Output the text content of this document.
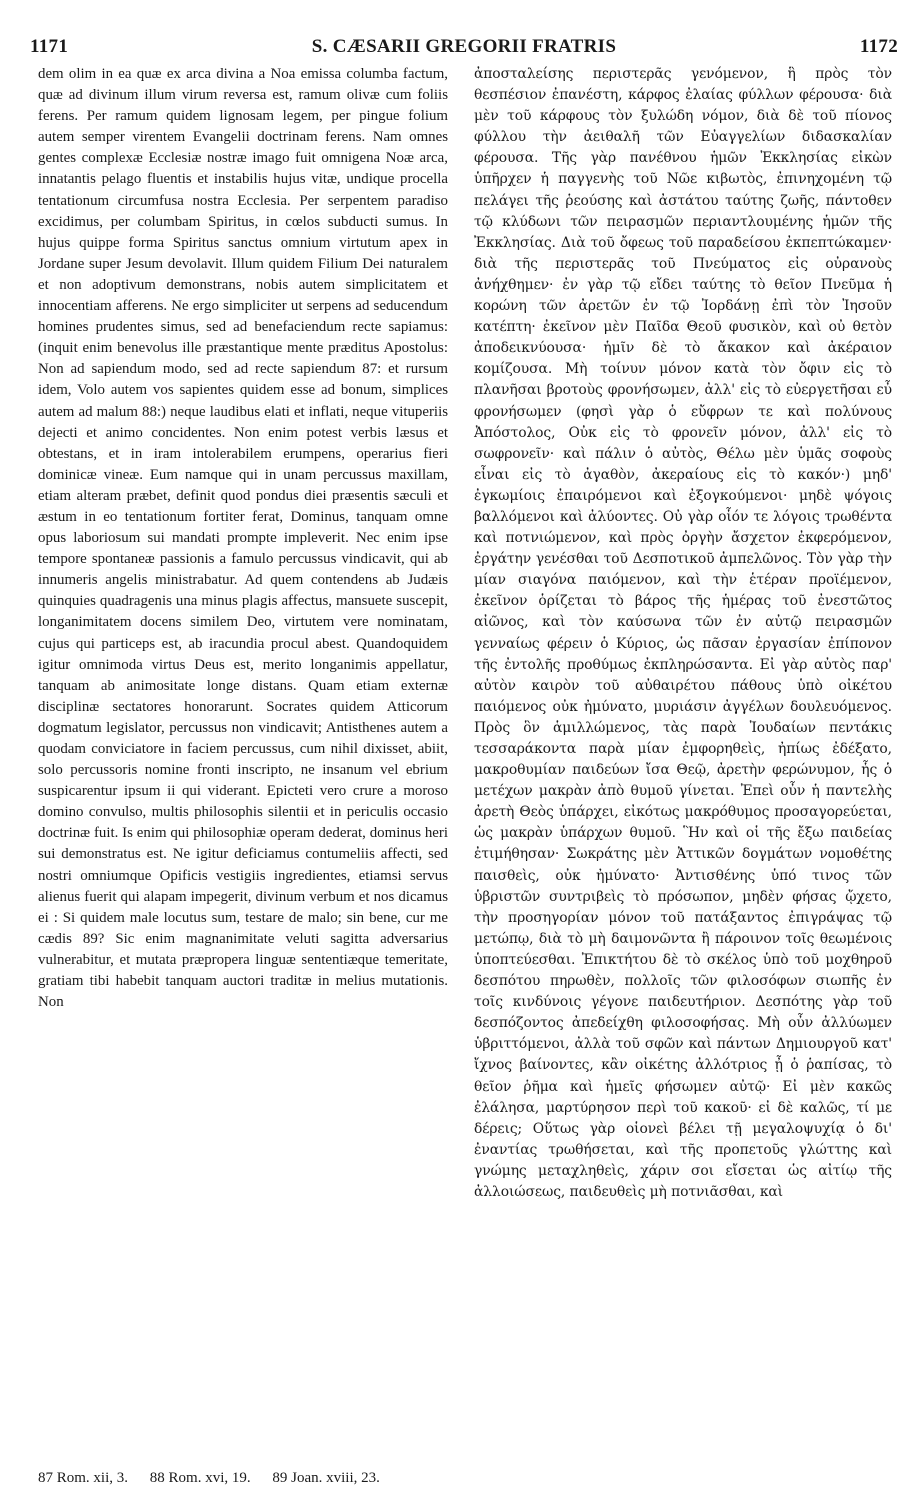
1171	S. CÆSARII GREGORII FRATRIS	1172

dem olim in ea quæ ex arca divina a Noa emissa columba factum, quæ ad divinum illum virum reversa est, ramum olivæ cum foliis ferens. Per ramum quidem lignosam legem, per pingue folium autem semper virentem Evangelii doctrinam ferens. Nam omnes gentes complexæ Ecclesiæ nostræ imago fuit omnigena Noæ arca, innatantis pelago fluentis et instabilis hujus vitæ, undique procella tentationum circumfusa nostra Ecclesia. Per serpentem paradiso excidimus, per columbam Spiritus, in cœlos subducti sumus. In hujus quippe forma Spiritus sanctus omnium virtutum apex in Jordane super Jesum devolavit. Illum quidem Filium Dei naturalem et non adoptivum demonstrans, nobis autem simplicitatem et innocentiam afferens. Ne ergo simpliciter ut serpens ad seducendum homines prudentes simus, sed ad benefaciendum recte sapiamus: (inquit enim benevolus ille præstantique mente præditus Apostolus: Non ad sapiendum modo, sed ad recte sapiendum 87: et rursum idem, Volo autem vos sapientes quidem esse ad bonum, simplices autem ad malum 88:) neque laudibus elati et inflati, neque vituperiis dejecti et animo concidentes. Non enim potest verbis læsus et obtestans, et in iram intolerabilem erumpens, operarius fieri dominicæ vineæ. Eum namque qui in unam percussus maxillam, etiam alteram præbet, definit quod pondus diei præsentis sæculi et æstum in eo tentationum fortiter ferat, Dominus, tanquam omne opus laboriosum sui mandati prompte impleverit. Nec enim ipse tempore spontaneæ passionis a famulo percussus vindicavit, qui ab innumeris angelis ministrabatur. Ad quem contendens ab Judæis quinquies quadragenis una minus plagis affectus, mansuete suscepit, longanimitatem docens similem Deo, virtutem vere nominatam, cujus qui particeps est, ab iracundia procul abest. Quandoquidem igitur omnimoda virtus Deus est, merito longanimis appellatur, tanquam ab animositate longe distans. Quam etiam externæ disciplinæ sectatores honorarunt. Socrates quidem Atticorum dogmatum legislator, percussus non vindicavit; Antisthenes autem a quodam conviciatore in faciem percussus, cum nihil dixisset, abiit, solo percussoris nomine fronti inscripto, ne insanum vel ebrium suspicarentur ipsum ii qui viderant. Epicteti vero crure a moroso domino convulso, multis philosophis silentii et in periculis occasio doctrinæ fuit. Is enim qui philosophiæ operam dederat, dominus heri sui demonstratus est. Ne igitur deficiamus contumeliis affecti, sed nostri omniumque Opificis vestigiis ingredientes, etiamsi servus alienus fuerit qui alapam impegerit, divinum verbum et nos dicamus ei : Si quidem male locutus sum, testare de malo; sin bene, cur me cædis 89? Sic enim magnanimitate veluti sagitta adversarius vulnerabitur, et mutata præpropera linguæ sententiæque temeritate, gratiam tibi habebit tanquam auctori traditæ in melius mutationis. Non

ἀποσταλείσης περιστερᾶς γενόμενον, ἣ πρὸς τὸν θεσπέσιον ἐπανέστη, κάρφος ἐλαίας φύλλων φέρουσα· διὰ μὲν τοῦ κάρφους τὸν ξυλώδη νόμον, διὰ δὲ τοῦ πίονος φύλλου τὴν ἀειθαλῆ τῶν Εὐαγγελίων διδασκαλίαν φέρουσα. Τῆς γὰρ πανέθνου ἡμῶν Ἐκκλησίας εἰκὼν ὑπῆρχεν ἡ παγγενὴς τοῦ Νῶε κιβωτὸς, ἐπινηχομένη τῷ πελάγει τῆς ῥεούσης καὶ ἀστάτου ταύτης ζωῆς, πάντοθεν τῷ κλύδωνι τῶν πειρασμῶν περιαντλουμένης ἡμῶν τῆς Ἐκκλησίας. Διὰ τοῦ ὄφεως τοῦ παραδείσου ἐκπεπτώκαμεν· διὰ τῆς περιστερᾶς τοῦ Πνεύματος εἰς οὐρανοὺς ἀνήχθημεν· ἐν γὰρ τῷ εἴδει ταύτης τὸ θεῖον Πνεῦμα ἡ κορώνη τῶν ἀρετῶν ἐν τῷ Ἰορδάνῃ ἐπὶ τὸν Ἰησοῦν κατέπτη· ἐκεῖνον μὲν Παῖδα Θεοῦ φυσικὸν, καὶ οὐ θετὸν ἀποδεικνύουσα· ἡμῖν δὲ τὸ ἄκακον καὶ ἀκέραιον κομίζουσα. Μὴ τοίνυν μόνον κατὰ τὸν ὄφιν εἰς τὸ πλανῆσαι βροτοὺς φρονήσωμεν, ἀλλ' εἰς τὸ εὐεργετῆσαι εὖ φρονήσωμεν (φησὶ γὰρ ὁ εὔφρων τε καὶ πολύνους Ἀπόστολος, Οὐκ εἰς τὸ φρονεῖν μόνον, ἀλλ' εἰς τὸ σωφρονεῖν· καὶ πάλιν ὁ αὐτὸς, Θέλω μὲν ὑμᾶς σοφοὺς εἶναι εἰς τὸ ἀγαθὸν, ἀκεραίους εἰς τὸ κακόν·) μηδ' ἐγκωμίοις ἐπαιρόμενοι καὶ ἐξογκούμενοι· μηδὲ ψόγοις βαλλόμενοι καὶ ἀλύοντες. Οὐ γὰρ οἷόν τε λόγοις τρωθέντα καὶ ποτνιώμενον, καὶ πρὸς ὀργὴν ἄσχετον ἐκφερόμενον, ἐργάτην γενέσθαι τοῦ Δεσποτικοῦ ἀμπελῶνος. Τὸν γὰρ τὴν μίαν σιαγόνα παιόμενον, καὶ τὴν ἑτέραν προϊέμενον, ἐκεῖνον ὁρίζεται τὸ βάρος τῆς ἡμέρας τοῦ ἐνεστῶτος αἰῶνος, καὶ τὸν καύσωνα τῶν ἐν αὐτῷ πειρασμῶν γενναίως φέρειν ὁ Κύριος, ὡς πᾶσαν ἐργασίαν ἐπίπονον τῆς ἐντολῆς προθύμως ἐκπληρώσαντα. Εἰ γὰρ αὐτὸς παρ' αὐτὸν καιρὸν τοῦ αὐθαιρέτου πάθους ὑπὸ οἰκέτου παιόμενος οὐκ ἠμύνατο, μυριάσιν ἀγγέλων δουλευόμενος. Πρὸς ὃν ἁμιλλώμενος, τὰς παρὰ Ἰουδαίων πεντάκις τεσσαράκοντα παρὰ μίαν ἐμφορηθεὶς, ἠπίως ἐδέξατο, μακροθυμίαν παιδεύων ἴσα Θεῷ, ἀρετὴν φερώνυμον, ἧς ὁ μετέχων μακρὰν ἀπὸ θυμοῦ γίνεται. Ἐπεὶ οὖν ἡ παντελὴς ἀρετὴ Θεὸς ὑπάρχει, εἰκότως μακρόθυμος προσαγορεύεται, ὡς μακρὰν ὑπάρχων θυμοῦ. Ἣν καὶ οἱ τῆς ἔξω παιδείας ἐτιμήθησαν· Σωκράτης μὲν Ἀττικῶν δογμάτων νομοθέτης παισθεὶς, οὐκ ἠμύνατο· Ἀντισθένης ὑπό τινος τῶν ὑβριστῶν συντριβεὶς τὸ πρόσωπον, μηδὲν φήσας ᾤχετο, τὴν προσηγορίαν μόνον τοῦ πατάξαντος ἐπιγράψας τῷ μετώπῳ, διὰ τὸ μὴ δαιμονῶντα ἢ πάροινον τοῖς θεωμένοις ὑποπτεύεσθαι. Ἐπικτήτου δὲ τὸ σκέλος ὑπὸ τοῦ μοχθηροῦ δεσπότου πηρωθὲν, πολλοῖς τῶν φιλοσόφων σιωπῆς ἐν τοῖς κινδύνοις γέγονε παιδευτήριον. Δεσπότης γὰρ τοῦ δεσπόζοντος ἀπεδείχθη φιλοσοφήσας. Μὴ οὖν ἀλλύωμεν ὑβριττόμενοι, ἀλλὰ τοῦ σφῶν καὶ πάντων Δημιουργοῦ κατ' ἴχνος βαίνοντες, κἂν οἰκέτης ἀλλότριος ᾖ ὁ ῥαπίσας, τὸ θεῖον ῥῆμα καὶ ἡμεῖς φήσωμεν αὐτῷ· Εἰ μὲν κακῶς ἐλάλησα, μαρτύρησον περὶ τοῦ κακοῦ· εἰ δὲ καλῶς, τί με δέρεις; Οὕτως γὰρ οἱονεὶ βέλει τῇ μεγαλοψυχίᾳ ὁ δι' ἐναντίας τρωθήσεται, καὶ τῆς προπετοῦς γλώττης καὶ γνώμης μεταχληθεὶς, χάριν σοι εἴσεται ὡς αἰτίῳ τῆς ἀλλοιώσεως, παιδευθεὶς μὴ ποτνιᾶσθαι, καὶ

87 Rom. xii, 3. 88 Rom. xvi, 19. 89 Joan. xviii, 23.
